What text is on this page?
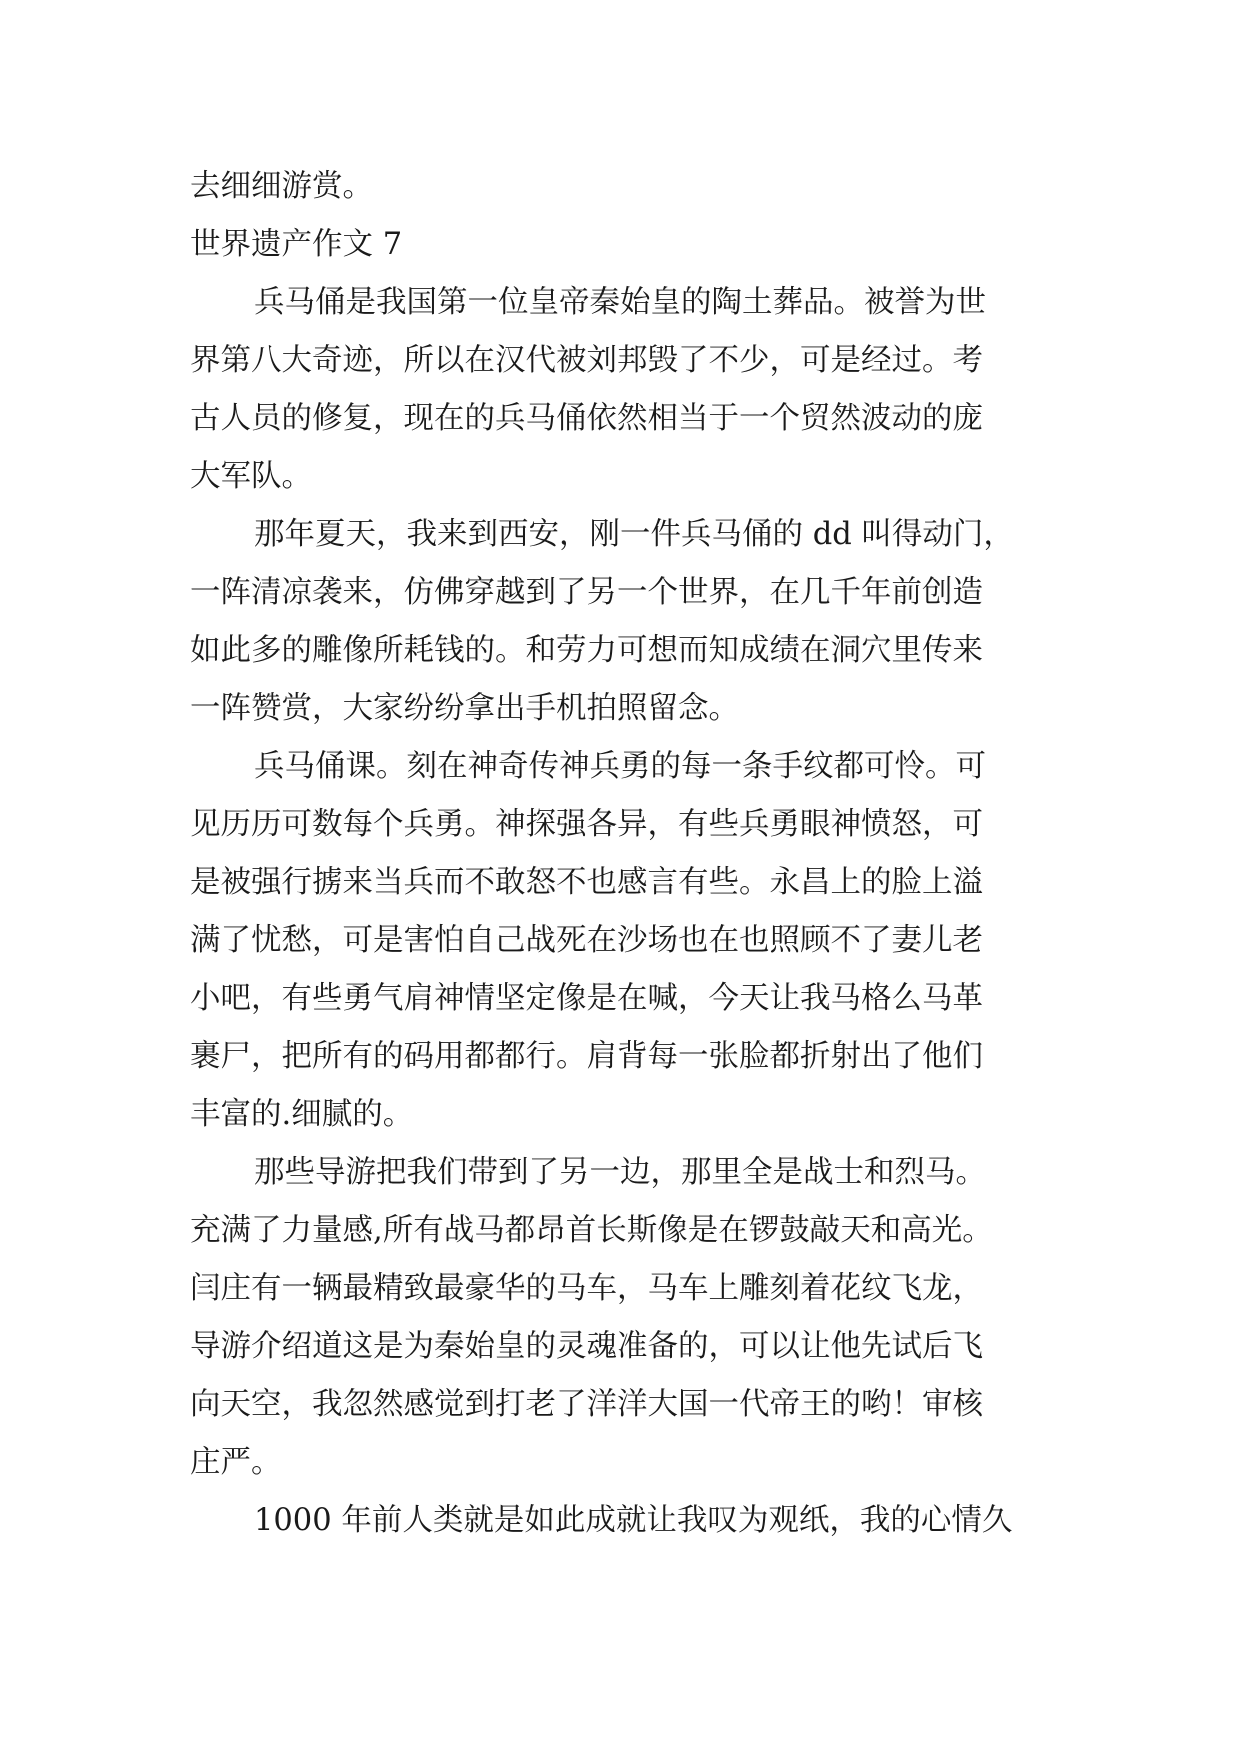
去细细游赏。
世界遗产作文 7
兵马俑是我国第一位皇帝秦始皇的陶土葬品。被誉为世
界第八大奇迹，所以在汉代被刘邦毁了不少，可是经过。考
古人员的修复，现在的兵马俑依然相当于一个贸然波动的庞
大军队。
那年夏天，我来到西安，刚一件兵马俑的 dd 叫得动门，
一阵清凉袭来，仿佛穿越到了另一个世界，在几千年前创造
如此多的雕像所耗钱的。和劳力可想而知成绩在洞穴里传来
一阵赞赏，大家纷纷拿出手机拍照留念。
兵马俑课。刻在神奇传神兵勇的每一条手纹都可怜。可
见历历可数每个兵勇。神探强各异，有些兵勇眼神愤怒，可
是被强行掳来当兵而不敢怒不也感言有些。永昌上的脸上溢
满了忧愁，可是害怕自己战死在沙场也在也照顾不了妻儿老
小吧，有些勇气肩神情坚定像是在喊，今天让我马格么马革
裹尸，把所有的码用都都行。肩背每一张脸都折射出了他们
丰富的.细腻的。
那些导游把我们带到了另一边，那里全是战士和烈马。
充满了力量感,所有战马都昂首长斯像是在锣鼓敲天和高光。
闫庄有一辆最精致最豪华的马车，马车上雕刻着花纹飞龙，
导游介绍道这是为秦始皇的灵魂准备的，可以让他先试后飞
向天空，我忽然感觉到打老了洋洋大国一代帝王的哟！审核
庄严。
1000 年前人类就是如此成就让我叹为观纸，我的心情久
